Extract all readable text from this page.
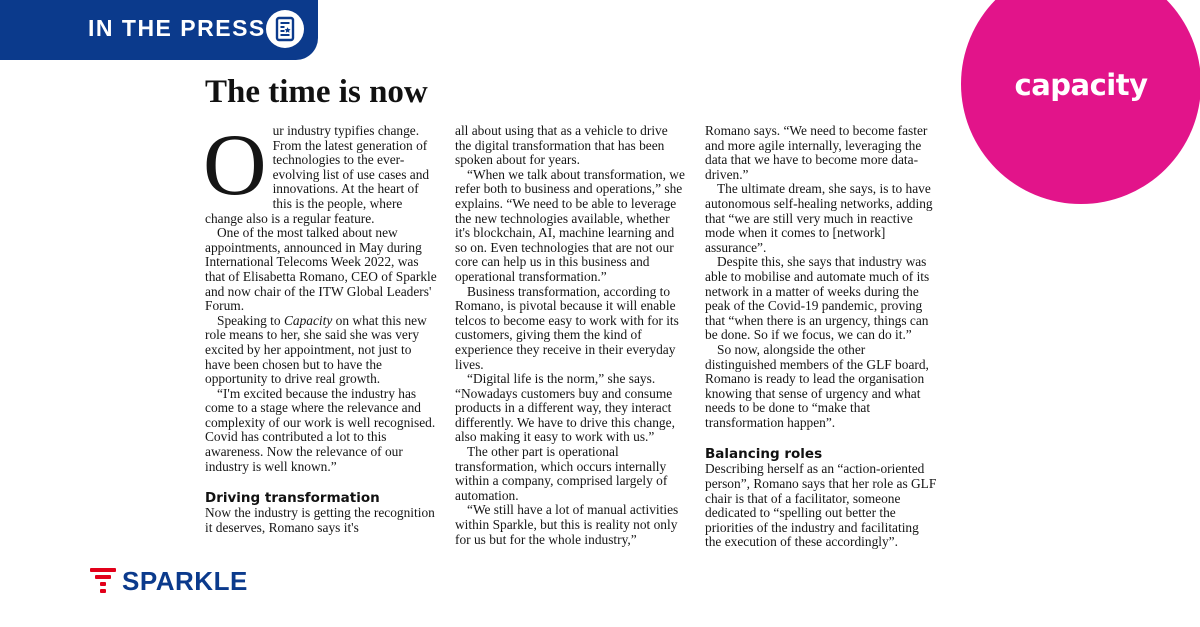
IN THE PRESS
capacity
The time is now
O ur industry typifies change. From the latest generation of technologies to the ever-evolving list of use cases and innovations. At the heart of this is the people, where change also is a regular feature.

One of the most talked about new appointments, announced in May during International Telecoms Week 2022, was that of Elisabetta Romano, CEO of Sparkle and now chair of the ITW Global Leaders' Forum.

Speaking to Capacity on what this new role means to her, she said she was very excited by her appointment, not just to have been chosen but to have the opportunity to drive real growth.

“I'm excited because the industry has come to a stage where the relevance and complexity of our work is well recognised. Covid has contributed a lot to this awareness. Now the relevance of our industry is well known.”

Driving transformation

Now the industry is getting the recognition it deserves, Romano says it's

all about using that as a vehicle to drive the digital transformation that has been spoken about for years.

“When we talk about transformation, we refer both to business and operations,” she explains. “We need to be able to leverage the new technologies available, whether it's blockchain, AI, machine learning and so on. Even technologies that are not our core can help us in this business and operational transformation.”

Business transformation, according to Romano, is pivotal because it will enable telcos to become easy to work with for its customers, giving them the kind of experience they receive in their everyday lives.

“Digital life is the norm,” she says. “Nowadays customers buy and consume products in a different way, they interact differently. We have to drive this change, also making it easy to work with us.”

The other part is operational transformation, which occurs internally within a company, comprised largely of automation.

“We still have a lot of manual activities within Sparkle, but this is reality not only for us but for the whole industry,”

Romano says. “We need to become faster and more agile internally, leveraging the data that we have to become more data-driven.”

The ultimate dream, she says, is to have autonomous self-healing networks, adding that “we are still very much in reactive mode when it comes to [network] assurance”.

Despite this, she says that industry was able to mobilise and automate much of its network in a matter of weeks during the peak of the Covid-19 pandemic, proving that “when there is an urgency, things can be done. So if we focus, we can do it.”

So now, alongside the other distinguished members of the GLF board, Romano is ready to lead the organisation knowing that sense of urgency and what needs to be done to “make that transformation happen”.

Balancing roles

Describing herself as an “action-oriented person”, Romano says that her role as GLF chair is that of a facilitator, someone dedicated to “spelling out better the priorities of the industry and facilitating the execution of these accordingly”.

SPARKLE
